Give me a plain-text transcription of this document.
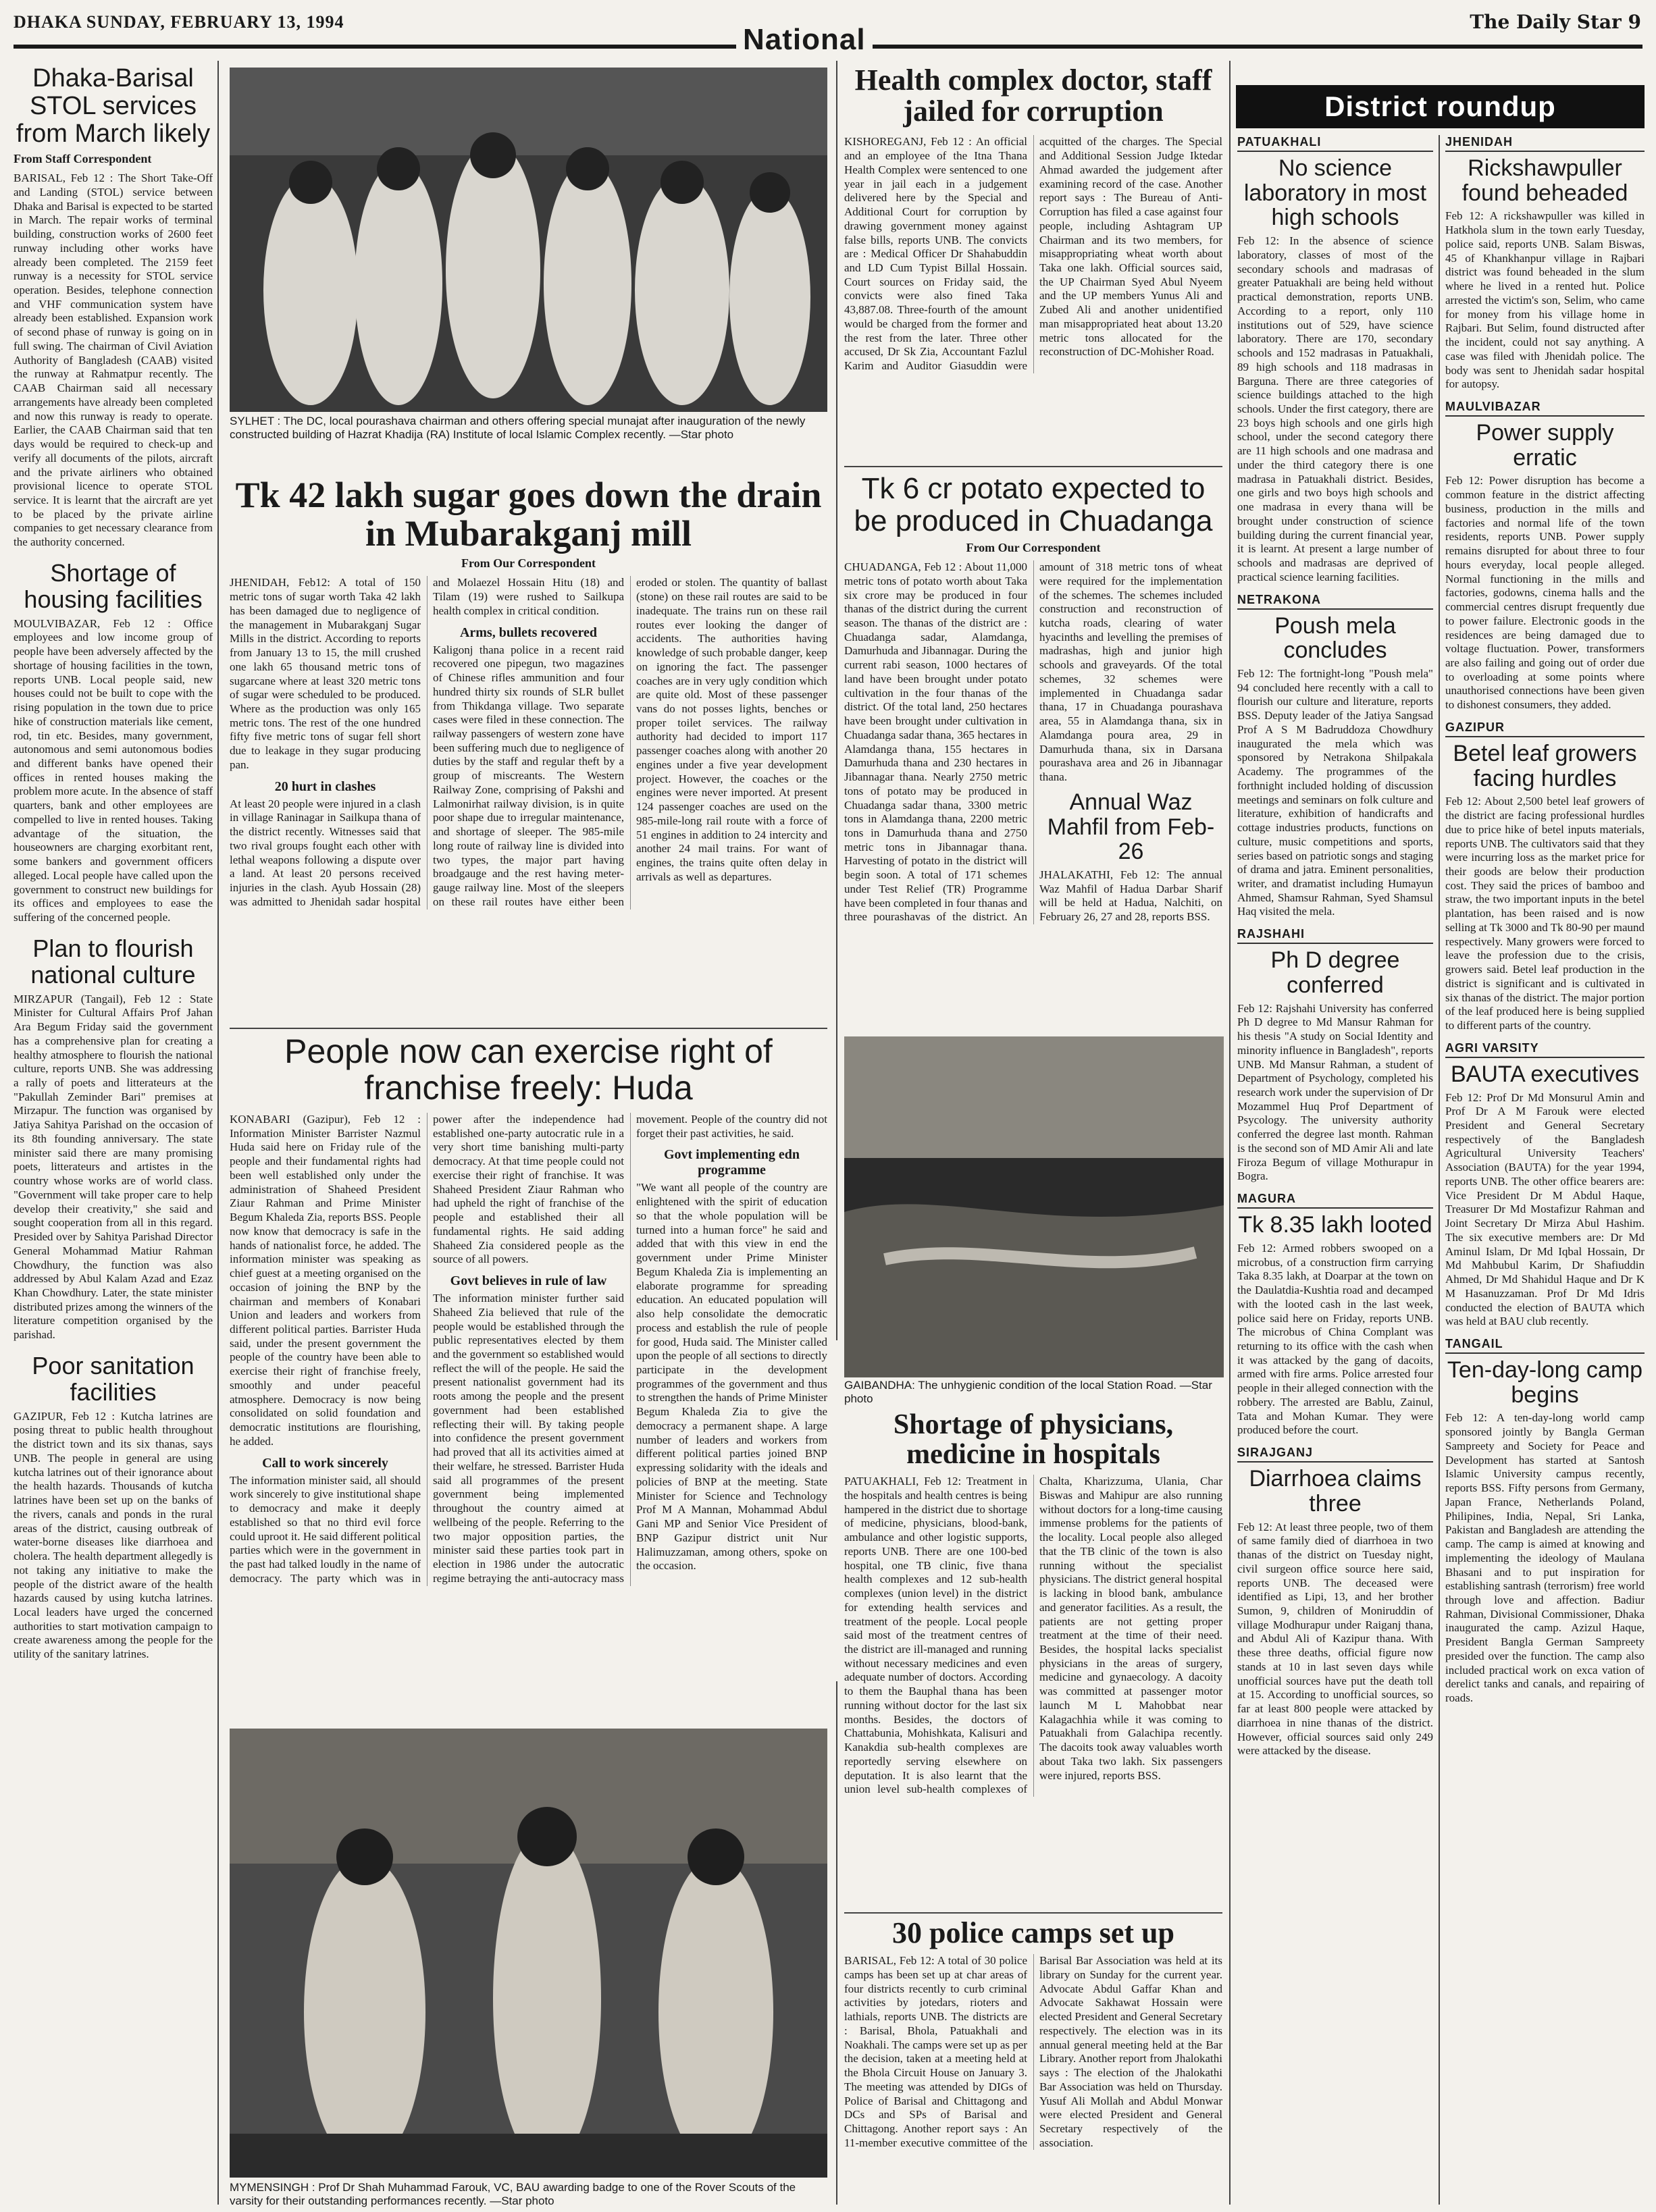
DHAKA SUNDAY, FEBRUARY 13, 1994
National
The Daily Star 9
Dhaka-Barisal STOL services from March likely
From Staff Correspondent

BARISAL, Feb 12 : The Short Take-Off and Landing (STOL) service between Dhaka and Barisal is expected to be started in March. The repair works of terminal building, construction works of 2600 feet runway including other works have already been completed. The 2159 feet runway is a necessity for STOL service operation. Besides, telephone connection and VHF communication system have already been established. Expansion work of second phase of runway is going on in full swing. The chairman of Civil Aviation Authority of Bangladesh (CAAB) visited the runway at Rahmatpur recently. The CAAB Chairman said all necessary arrangements have already been completed and now this runway is ready to operate. Earlier, the CAAB Chairman said that ten days would be required to check-up and verify all documents of the pilots, aircraft and the private airliners who obtained provisional licence to operate STOL service. It is learnt that the aircraft are yet to be placed by the private airline companies to get necessary clearance from the authority concerned.

Shortage of housing facilities

MOULVIBAZAR, Feb 12 : Office employees and low income group of people have been adversely affected by the shortage of housing facilities in the town, reports UNB. Local people said, new houses could not be built to cope with the rising population in the town due to price hike of construction materials like cement, rod, tin etc. Besides, many government, autonomous and semi autonomous bodies and different banks have opened their offices in rented houses making the problem more acute. In the absence of staff quarters, bank and other employees are compelled to live in rented houses. Taking advantage of the situation, the houseowners are charging exorbitant rent, some bankers and government officers alleged. Local people have called upon the government to construct new buildings for its offices and employees to ease the suffering of the concerned people.

Plan to flourish national culture

MIRZAPUR (Tangail), Feb 12 : State Minister for Cultural Affairs Prof Jahan Ara Begum Friday said the government has a comprehensive plan for creating a healthy atmosphere to flourish the national culture, reports UNB. She was addressing a rally of poets and litterateurs at the "Pakullah Zeminder Bari" premises at Mirzapur. The function was organised by Jatiya Sahitya Parishad on the occasion of its 8th founding anniversary. The state minister said there are many promising poets, litterateurs and artistes in the country whose works are of world class. "Government will take proper care to help develop their creativity," she said and sought cooperation from all in this regard. Presided over by Sahitya Parishad Director General Mohammad Matiur Rahman Chowdhury, the function was also addressed by Abul Kalam Azad and Ezaz Khan Chowdhury. Later, the state minister distributed prizes among the winners of the literature competition organised by the parishad.

Poor sanitation facilities

GAZIPUR, Feb 12 : Kutcha latrines are posing threat to public health throughout the district town and its six thanas, says UNB. The people in general are using kutcha latrines out of their ignorance about the health hazards. Thousands of kutcha latrines have been set up on the banks of the rivers, canals and ponds in the rural areas of the district, causing outbreak of water-borne diseases like diarrhoea and cholera. The health department allegedly is not taking any initiative to make the people of the district aware of the health hazards caused by using kutcha latrines. Local leaders have urged the concerned authorities to start motivation campaign to create awareness among the people for the utility of the sanitary latrines.

SYLHET : The DC, local pourashava chairman and others offering special munajat after inauguration of the newly constructed building of Hazrat Khadija (RA) Institute of local Islamic Complex recently. —Star photo
Tk 42 lakh sugar goes down the drain in Mubarakganj mill
From Our Correspondent

JHENIDAH, Feb12: A total of 150 metric tons of sugar worth Taka 42 lakh has been damaged due to negligence of the management in Mubarakganj Sugar Mills in the district. According to reports from January 13 to 15, the mill crushed one lakh 65 thousand metric tons of sugarcane where at least 320 metric tons of sugar were scheduled to be produced. Where as the production was only 165 metric tons. The rest of the one hundred fifty five metric tons of sugar fell short due to leakage in they sugar producing pan.

20 hurt in clashes

At least 20 people were injured in a clash in village Raninagar in Sailkupa thana of the district recently. Witnesses said that two rival groups fought each other with lethal weapons following a dispute over a land. At least 20 persons received injuries in the clash. Ayub Hossain (28) was admitted to Jhenidah sadar hospital and Molaezel Hossain Hitu (18) and Tilam (19) were rushed to Sailkupa health complex in critical condition.

Arms, bullets recovered

Kaligonj thana police in a recent raid recovered one pipegun, two magazines of Chinese rifles ammunition and four hundred thirty six rounds of SLR bullet from Thikdanga village. Two separate cases were filed in these connection. The railway passengers of western zone have been suffering much due to negligence of duties by the staff and regular theft by a group of miscreants. The Western Railway Zone, comprising of Pakshi and Lalmonirhat railway division, is in quite poor shape due to irregular maintenance, and shortage of sleeper. The 985-mile long route of railway line is divided into two types, the major part having broadgauge and the rest having meter-gauge railway line. Most of the sleepers on these rail routes have either been eroded or stolen. The quantity of ballast (stone) on these rail routes are said to be inadequate. The trains run on these rail routes ever looking the danger of accidents. The authorities having knowledge of such probable danger, keep on ignoring the fact. The passenger coaches are in very ugly condition which are quite old. Most of these passenger vans do not posses lights, benches or proper toilet services. The railway authority had decided to import 117 passenger coaches along with another 20 engines under a five year development project. However, the coaches or the engines were never imported. At present 124 passenger coaches are used on the 985-mile-long rail route with a force of 51 engines in addition to 24 intercity and another 24 mail trains. For want of engines, the trains quite often delay in arrivals as well as departures.

People now can exercise right of franchise freely: Huda

KONABARI (Gazipur), Feb 12 : Information Minister Barrister Nazmul Huda said here on Friday rule of the people and their fundamental rights had been well established only under the administration of Shaheed President Ziaur Rahman and Prime Minister Begum Khaleda Zia, reports BSS. People now know that democracy is safe in the hands of nationalist force, he added. The information minister was speaking as chief guest at a meeting organised on the occasion of joining the BNP by the chairman and members of Konabari Union and leaders and workers from different political parties. Barrister Huda said, under the present government the people of the country have been able to exercise their right of franchise freely, smoothly and under peaceful atmosphere. Democracy is now being consolidated on solid foundation and democratic institutions are flourishing, he added.

Call to work sincerely

The information minister said, all should work sincerely to give institutional shape to democracy and make it deeply established so that no third evil force could uproot it. He said different political parties which were in the government in the past had talked loudly in the name of democracy. The party which was in power after the independence had established one-party autocratic rule in a very short time banishing multi-party democracy. At that time people could not exercise their right of franchise. It was Shaheed President Ziaur Rahman who had upheld the right of franchise of the people and established their all fundamental rights. He said adding Shaheed Zia considered people as the source of all powers.

Govt believes in rule of law

The information minister further said Shaheed Zia believed that rule of the people would be established through the public representatives elected by them and the government so established would reflect the will of the people. He said the present nationalist government had its roots among the people and the present government had been established reflecting their will. By taking people into confidence the present government had proved that all its activities aimed at their welfare, he stressed. Barrister Huda said all programmes of the present government being implemented throughout the country aimed at wellbeing of the people. Referring to the two major opposition parties, the minister said these parties took part in election in 1986 under the autocratic regime betraying the anti-autocracy mass movement. People of the country did not forget their past activities, he said.

Govt implementing edn programme

"We want all people of the country are enlightened with the spirit of education so that the whole population will be turned into a human force" he said and added that with this view in end the government under Prime Minister Begum Khaleda Zia is implementing an elaborate programme for spreading education. An educated population will also help consolidate the democratic process and establish the rule of people for good, Huda said. The Minister called upon the people of all sections to directly participate in the development programmes of the government and thus to strengthen the hands of Prime Minister Begum Khaleda Zia to give the democracy a permanent shape. A large number of leaders and workers from different political parties joined BNP expressing solidarity with the ideals and policies of BNP at the meeting. State Minister for Science and Technology Prof M A Mannan, Mohammad Abdul Gani MP and Senior Vice President of BNP Gazipur district unit Nur Halimuzzaman, among others, spoke on the occasion.

MYMENSINGH : Prof Dr Shah Muhammad Farouk, VC, BAU awarding badge to one of the Rover Scouts of the varsity for their outstanding performances recently. —Star photo
Health complex doctor, staff jailed for corruption

KISHOREGANJ, Feb 12 : An official and an employee of the Itna Thana Health Complex were sentenced to one year in jail each in a judgement delivered here by the Special and Additional Court for corruption by drawing government money against false bills, reports UNB. The convicts are : Medical Officer Dr Shahabuddin and LD Cum Typist Billal Hossain. Court sources on Friday said, the convicts were also fined Taka 43,887.08. Three-fourth of the amount would be charged from the former and the rest from the later. Three other accused, Dr Sk Zia, Accountant Fazlul Karim and Auditor Giasuddin were acquitted of the charges. The Special and Additional Session Judge Iktedar Ahmad awarded the judgement after examining record of the case. Another report says : The Bureau of Anti-Corruption has filed a case against four people, including Ashtagram UP Chairman and its two members, for misappropriating wheat worth about Taka one lakh. Official sources said, the UP Chairman Syed Abul Nyeem and the UP members Yunus Ali and Zubed Ali and another unidentified man misappropriated heat about 13.20 metric tons allocated for the reconstruction of DC-Mohisher Road.

Tk 6 cr potato expected to be produced in Chuadanga
From Our Correspondent

CHUADANGA, Feb 12 : About 11,000 metric tons of potato worth about Taka six crore may be produced in four thanas of the district during the current season. The thanas of the district are : Chuadanga sadar, Alamdanga, Damurhuda and Jibannagar. During the current rabi season, 1000 hectares of land have been brought under potato cultivation in the four thanas of the district. Of the total land, 250 hectares have been brought under cultivation in Chuadanga sadar thana, 365 hectares in Alamdanga thana, 155 hectares in Damurhuda thana and 230 hectares in Jibannagar thana. Nearly 2750 metric tons of potato may be produced in Chuadanga sadar thana, 3300 metric tons in Alamdanga thana, 2200 metric tons in Damurhuda thana and 2750 metric tons in Jibannagar thana. Harvesting of potato in the district will begin soon. A total of 171 schemes under Test Relief (TR) Programme have been completed in four thanas and three pourashavas of the district. An amount of 318 metric tons of wheat were required for the implementation of the schemes. The schemes included construction and reconstruction of kutcha roads, clearing of water hyacinths and levelling the premises of madrashas, high and junior high schools and graveyards. Of the total schemes, 32 schemes were implemented in Chuadanga sadar thana, 17 in Chuadanga pourashava area, 55 in Alamdanga thana, six in Alamdanga poura area, 29 in Damurhuda thana, six in Darsana pourashava area and 26 in Jibannagar thana.

Annual Waz Mahfil from Feb-26

JHALAKATHI, Feb 12: The annual Waz Mahfil of Hadua Darbar Sharif will be held at Hadua, Nalchiti, on February 26, 27 and 28, reports BSS.

GAIBANDHA: The unhygienic condition of the local Station Road. —Star photo
Shortage of physicians, medicine in hospitals

PATUAKHALI, Feb 12: Treatment in the hospitals and health centres is being hampered in the district due to shortage of medicine, physicians, blood-bank, ambulance and other logistic supports, reports UNB. There are one 100-bed hospital, one TB clinic, five thana health complexes and 12 sub-health complexes (union level) in the district for extending health services and treatment of the people. Local people said most of the treatment centres of the district are ill-managed and running without necessary medicines and even adequate number of doctors. According to them the Bauphal thana has been running without doctor for the last six months. Besides, the doctors of Chattabunia, Mohishkata, Kalisuri and Kanakdia sub-health complexes are reportedly serving elsewhere on deputation. It is also learnt that the union level sub-health complexes of Chalta, Kharizzuma, Ulania, Char Biswas and Mahipur are also running without doctors for a long-time causing immense problems for the patients of the locality. Local people also alleged that the TB clinic of the town is also running without the specialist physicians. The district general hospital is lacking in blood bank, ambulance and generator facilities. As a result, the patients are not getting proper treatment at the time of their need. Besides, the hospital lacks specialist physicians in the areas of surgery, medicine and gynaecology. A dacoity was committed at passenger motor launch M L Mahobbat near Kalagachhia while it was coming to Patuakhali from Galachipa recently. The dacoits took away valuables worth about Taka two lakh. Six passengers were injured, reports BSS.

30 police camps set up

BARISAL, Feb 12: A total of 30 police camps has been set up at char areas of four districts recently to curb criminal activities by jotedars, rioters and lathials, reports UNB. The districts are : Barisal, Bhola, Patuakhali and Noakhali. The camps were set up as per the decision, taken at a meeting held at the Bhola Circuit House on January 3. The meeting was attended by DIGs of Police of Barisal and Chittagong and DCs and SPs of Barisal and Chittagong. Another report says : An 11-member executive committee of the Barisal Bar Association was held at its library on Sunday for the current year. Advocate Abdul Gaffar Khan and Advocate Sakhawat Hossain were elected President and General Secretary respectively. The election was in its annual general meeting held at the Bar Library. Another report from Jhalokathi says : The election of the Jhalokathi Bar Association was held on Thursday. Yusuf Ali Mollah and Abdul Monwar were elected President and General Secretary respectively of the association.

District roundup
PATUAKHALI
No science laboratory in most high schools

Feb 12: In the absence of science laboratory, classes of most of the secondary schools and madrasas of greater Patuakhali are being held without practical demonstration, reports UNB. According to a report, only 110 institutions out of 529, have science laboratory. There are 170, secondary schools and 152 madrasas in Patuakhali, 89 high schools and 118 madrasas in Barguna. There are three categories of science buildings attached to the high schools. Under the first category, there are 23 boys high schools and one girls high school, under the second category there are 11 high schools and one madrasa and under the third category there is one madrasa in Patuakhali district. Besides, one girls and two boys high schools and one madrasa in every thana will be brought under construction of science building during the current financial year, it is learnt. At present a large number of schools and madrasas are deprived of practical science learning facilities.

NETRAKONA
Poush mela concludes

Feb 12: The fortnight-long "Poush mela" 94 concluded here recently with a call to flourish our culture and literature, reports BSS. Deputy leader of the Jatiya Sangsad Prof A S M Badruddoza Chowdhury inaugurated the mela which was sponsored by Netrakona Shilpakala Academy. The programmes of the forthnight included holding of discussion meetings and seminars on folk culture and literature, exhibition of handicrafts and cottage industries products, functions on culture, music competitions and sports, series based on patriotic songs and staging of drama and jatra. Eminent personalities, writer, and dramatist including Humayun Ahmed, Shamsur Rahman, Syed Shamsul Haq visited the mela.

RAJSHAHI
Ph D degree conferred

Feb 12: Rajshahi University has conferred Ph D degree to Md Mansur Rahman for his thesis "A study on Social Identity and minority influence in Bangladesh", reports UNB. Md Mansur Rahman, a student of Department of Psychology, completed his research work under the supervision of Dr Mozammel Huq Prof Department of Psycology. The university authority conferred the degree last month. Rahman is the second son of MD Amir Ali and late Firoza Begum of village Mothurapur in Bogra.

MAGURA
Tk 8.35 lakh looted

Feb 12: Armed robbers swooped on a microbus, of a construction firm carrying Taka 8.35 lakh, at Doarpar at the town on the Daulatdia-Kushtia road and decamped with the looted cash in the last week, police said here on Friday, reports UNB. The microbus of China Complant was returning to its office with the cash when it was attacked by the gang of dacoits, armed with fire arms. Police arrested four people in their alleged connection with the robbery. The arrested are Bablu, Zainul, Tata and Mohan Kumar. They were produced before the court.

SIRAJGANJ
Diarrhoea claims three

Feb 12: At least three people, two of them of same family died of diarrhoea in two thanas of the district on Tuesday night, civil surgeon office source here said, reports UNB. The deceased were identified as Lipi, 13, and her brother Sumon, 9, children of Moniruddin of village Modhurapur under Raiganj thana, and Abdul Ali of Kazipur thana. With these three deaths, official figure now stands at 10 in last seven days while unofficial sources have put the death toll at 15. According to unofficial sources, so far at least 800 people were attacked by diarrhoea in nine thanas of the district. However, official sources said only 249 were attacked by the disease.

JHENIDAH
Rickshawpuller found beheaded

Feb 12: A rickshawpuller was killed in Hatkhola slum in the town early Tuesday, police said, reports UNB. Salam Biswas, 45 of Khankhanpur village in Rajbari district was found beheaded in the slum where he lived in a rented hut. Police arrested the victim's son, Selim, who came for money from his village home in Rajbari. But Selim, found distructed after the incident, could not say anything. A case was filed with Jhenidah police. The body was sent to Jhenidah sadar hospital for autopsy.

MAULVIBAZAR
Power supply erratic

Feb 12: Power disruption has become a common feature in the district affecting business, production in the mills and factories and normal life of the town residents, reports UNB. Power supply remains disrupted for about three to four hours everyday, local people alleged. Normal functioning in the mills and factories, godowns, cinema halls and the commercial centres disrupt frequently due to power failure. Electronic goods in the residences are being damaged due to voltage fluctuation. Power, transformers are also failing and going out of order due to overloading at some points where unauthorised connections have been given to dishonest consumers, they added.

GAZIPUR
Betel leaf growers facing hurdles

Feb 12: About 2,500 betel leaf growers of the district are facing professional hurdles due to price hike of betel inputs materials, reports UNB. The cultivators said that they were incurring loss as the market price for their goods are below their production cost. They said the prices of bamboo and straw, the two important inputs in the betel plantation, has been raised and is now selling at Tk 3000 and Tk 80-90 per maund respectively. Many growers were forced to leave the profession due to the crisis, growers said. Betel leaf production in the district is significant and is cultivated in six thanas of the district. The major portion of the leaf produced here is being supplied to different parts of the country.

AGRI VARSITY
BAUTA executives

Feb 12: Prof Dr Md Monsurul Amin and Prof Dr A M Farouk were elected President and General Secretary respectively of the Bangladesh Agricultural University Teachers' Association (BAUTA) for the year 1994, reports UNB. The other office bearers are: Vice President Dr M Abdul Haque, Treasurer Dr Md Mostafizur Rahman and Joint Secretary Dr Mirza Abul Hashim. The six executive members are: Dr Md Aminul Islam, Dr Md Iqbal Hossain, Dr Md Mahbubul Karim, Dr Shafiuddin Ahmed, Dr Md Shahidul Haque and Dr K M Hasanuzzaman. Prof Dr Md Idris conducted the election of BAUTA which was held at BAU club recently.

TANGAIL
Ten-day-long camp begins

Feb 12: A ten-day-long world camp sponsored jointly by Bangla German Sampreety and Society for Peace and Development has started at Santosh Islamic University campus recently, reports BSS. Fifty persons from Germany, Japan France, Netherlands Poland, Philipines, India, Nepal, Sri Lanka, Pakistan and Bangladesh are attending the camp. The camp is aimed at knowing and implementing the ideology of Maulana Bhasani and to put inspiration for establishing santrash (terrorism) free world through love and affection. Badiur Rahman, Divisional Commissioner, Dhaka inaugurated the camp. Azizul Haque, President Bangla German Sampreety presided over the function. The camp also included practical work on exca vation of derelict tanks and canals, and repairing of roads.
